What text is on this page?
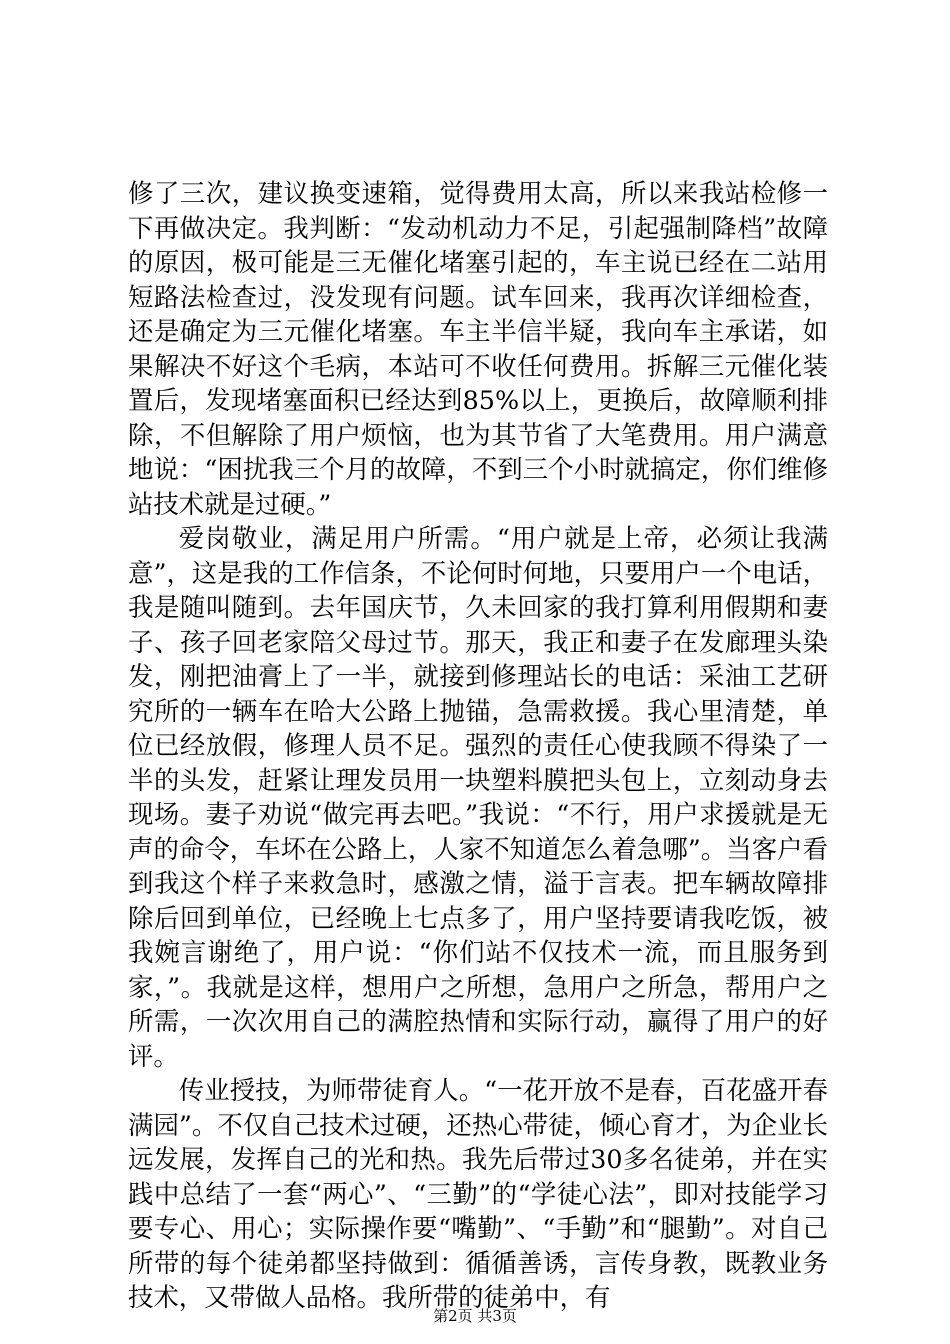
修了三次，建议换变速箱，觉得费用太高，所以来我站检修一下再做决定。我判断：“发动机动力不足，引起强制降档”故障的原因，极可能是三无催化堵塞引起的，车主说已经在二站用短路法检查过，没发现有问题。试车回来，我再次详细检查，还是确定为三元催化堵塞。车主半信半疑，我向车主承诺，如果解决不好这个毛病，本站可不收任何费用。拆解三元催化装置后，发现堵塞面积已经达到85%以上，更换后，故障顺利排除，不但解除了用户烦恼，也为其节省了大笔费用。用户满意地说：“困扰我三个月的故障，不到三个小时就搞定，你们维修站技术就是过硬。”

爱岗敬业，满足用户所需。“用户就是上帝，必须让我满意”，这是我的工作信条，不论何时何地，只要用户一个电话，我是随叫随到。去年国庆节，久未回家的我打算利用假期和妻子、孩子回老家陪父母过节。那天，我正和妻子在发廊理头染发，刚把油膏上了一半，就接到修理站长的电话：采油工艺研究所的一辆车在哈大公路上抛锚，急需救援。我心里清楚，单位已经放假，修理人员不足。强烈的责任心使我顾不得染了一半的头发，赶紧让理发员用一块塑料膜把头包上，立刻动身去现场。妻子劝说“做完再去吧。”我说：“不行，用户求援就是无声的命令，车坏在公路上，人家不知道怎么着急哪”。当客户看到我这个样子来救急时，感激之情，溢于言表。把车辆故障排除后回到单位，已经晚上七点多了，用户坚持要请我吃饭，被我婉言谢绝了，用户说：“你们站不仅技术一流，而且服务到家，”。我就是这样，想用户之所想，急用户之所急，帮用户之所需，一次次用自己的满腔热情和实际行动，赢得了用户的好评。

传业授技，为师带徒育人。“一花开放不是春，百花盛开春满园”。不仅自己技术过硬，还热心带徒，倾心育才，为企业长远发展，发挥自己的光和热。我先后带过30多名徒弟，并在实践中总结了一套“两心”、“三勤”的“学徒心法”，即对技能学习要专心、用心；实际操作要“嘴勤”、“手勤”和“腿勤”。对自己所带的每个徒弟都坚持做到：循循善诱，言传身教，既教业务技术，又带做人品格。我所带的徒弟中，有

第2页 共3页
